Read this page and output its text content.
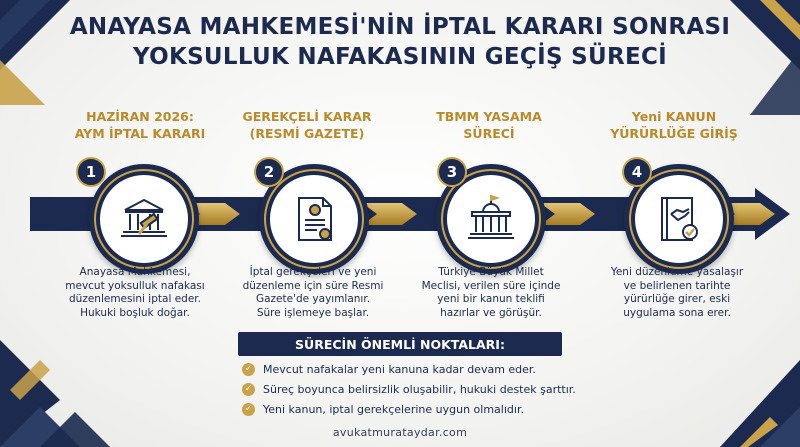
ANAYASA MAHKEMESİ'NİN İPTAL KARARI SONRASI
YOKSULLUK NAFAKASININ GEÇİŞ SÜRECİ
HAZİRAN 2026:
AYM İPTAL KARARI
1
Anayasa Mahkemesi,
mevcut yoksulluk nafakası
düzenlemesini iptal eder.
Hukuki boşluk doğar.
GEREKÇELİ KARAR
(RESMİ GAZETE)
2
İptal gerekçeleri ve yeni
düzenleme için süre Resmi
Gazete'de yayımlanır.
Süre işlemeye başlar.
TBMM YASAMA
SÜRECİ
3
Türkiye Büyük Millet
Meclisi, verilen süre içinde
yeni bir kanun teklifi
hazırlar ve görüşür.
Yeni KANUN
YÜRÜRLÜĞE GİRİŞ
4
Yeni düzenleme yasalaşır
ve belirlenen tarihte
yürürlüğe girer, eski
uygulama sona erer.
SÜRECİN ÖNEMLİ NOKTALARI:
✓ Mevcut nafakalar yeni kanuna kadar devam eder.
✓ Süreç boyunca belirsizlik oluşabilir, hukuki destek şarttır.
✓ Yeni kanun, iptal gerekçelerine uygun olmalıdır.
avukatmurataydar.com
